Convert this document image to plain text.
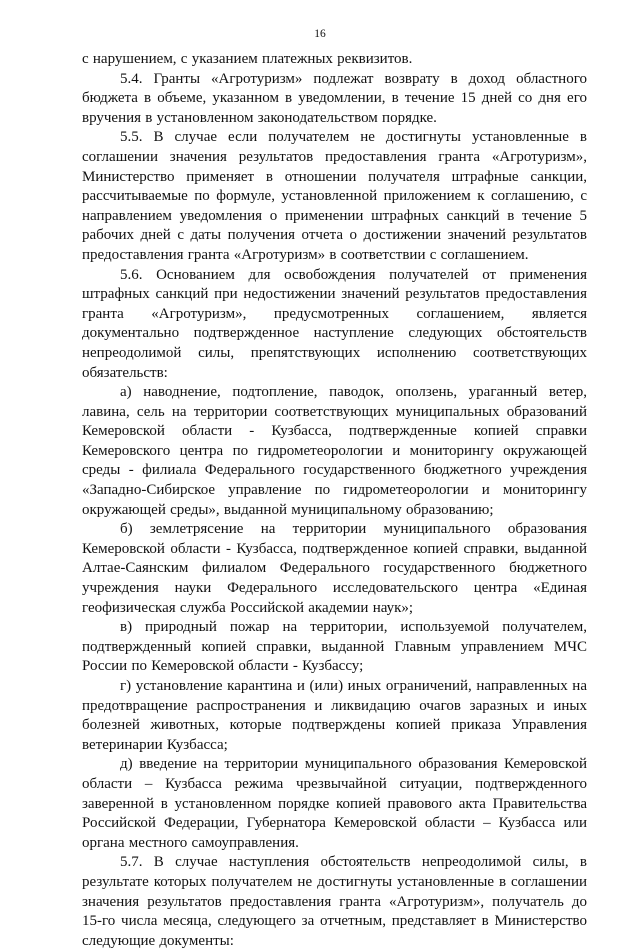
16

с нарушением, с указанием платежных реквизитов.

5.4. Гранты «Агротуризм» подлежат возврату в доход областного бюджета в объеме, указанном в уведомлении, в течение 15 дней со дня его вручения в установленном законодательством порядке.

5.5. В случае если получателем не достигнуты установленные в соглашении значения результатов предоставления гранта «Агротуризм», Министерство применяет в отношении получателя штрафные санкции, рассчитываемые по формуле, установленной приложением к соглашению, с направлением уведомления о применении штрафных санкций в течение 5 рабочих дней с даты получения отчета о достижении значений результатов предоставления гранта «Агротуризм» в соответствии с соглашением.

5.6. Основанием для освобождения получателей от применения штрафных санкций при недостижении значений результатов предоставления гранта «Агротуризм», предусмотренных соглашением, является документально подтвержденное наступление следующих обстоятельств непреодолимой силы, препятствующих исполнению соответствующих обязательств:

а) наводнение, подтопление, паводок, оползень, ураганный ветер, лавина, сель на территории соответствующих муниципальных образований Кемеровской области - Кузбасса, подтвержденные копией справки Кемеровского центра по гидрометеорологии и мониторингу окружающей среды - филиала Федерального государственного бюджетного учреждения «Западно-Сибирское управление по гидрометеорологии и мониторингу окружающей среды», выданной муниципальному образованию;

б) землетрясение на территории муниципального образования Кемеровской области - Кузбасса, подтвержденное копией справки, выданной Алтае-Саянским филиалом Федерального государственного бюджетного учреждения науки Федерального исследовательского центра «Единая геофизическая служба Российской академии наук»;

в) природный пожар на территории, используемой получателем, подтвержденный копией справки, выданной Главным управлением МЧС России по Кемеровской области - Кузбассу;

г) установление карантина и (или) иных ограничений, направленных на предотвращение распространения и ликвидацию очагов заразных и иных болезней животных, которые подтверждены копией приказа Управления ветеринарии Кузбасса;

д) введение на территории муниципального образования Кемеровской области – Кузбасса режима чрезвычайной ситуации, подтвержденного заверенной в установленном порядке копией правового акта Правительства Российской Федерации, Губернатора Кемеровской области – Кузбасса или органа местного самоуправления.

5.7. В случае наступления обстоятельств непреодолимой силы, в результате которых получателем не достигнуты установленные в соглашении значения результатов предоставления гранта «Агротуризм», получатель до 15-го числа месяца, следующего за отчетным, представляет в Министерство следующие документы:
